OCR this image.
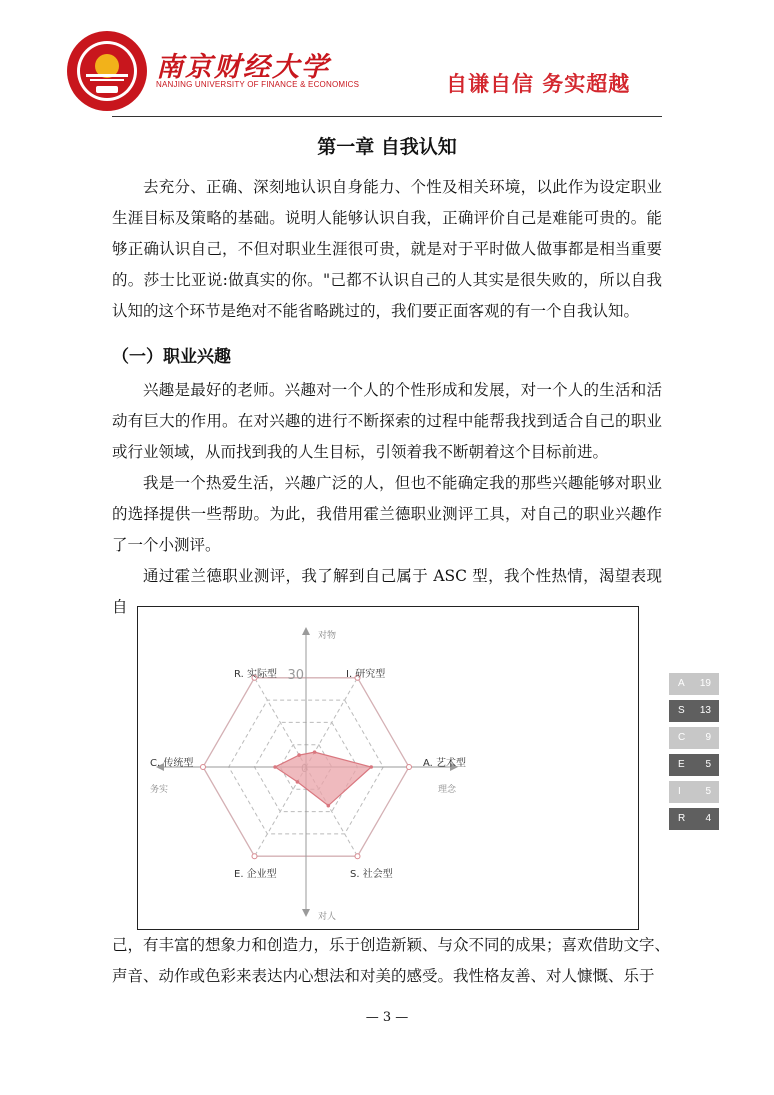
南京财经大学
NANJING UNIVERSITY OF FINANCE & ECONOMICS	自谦自信 务实超越
第一章 自我认知

去充分、正确、深刻地认识自身能力、个性及相关环境，以此作为设定职业生涯目标及策略的基础。说明人能够认识自我，正确评价自己是难能可贵的。能够正确认识自己，不但对职业生涯很可贵，就是对于平时做人做事都是相当重要的。莎士比亚说:做真实的你。"己都不认识自己的人其实是很失败的，所以自我认知的这个环节是绝对不能省略跳过的，我们要正面客观的有一个自我认知。

（一）职业兴趣

兴趣是最好的老师。兴趣对一个人的个性形成和发展，对一个人的生活和活动有巨大的作用。在对兴趣的进行不断探索的过程中能帮我找到适合自己的职业或行业领域，从而找到我的人生目标，引领着我不断朝着这个目标前进。

我是一个热爱生活，兴趣广泛的人，但也不能确定我的那些兴趣能够对职业的选择提供一些帮助。为此，我借用霍兰德职业测评工具，对自己的职业兴趣作了一个小测评。

通过霍兰德职业测评，我了解到自己属于 ASC 型，我个性热情，渴望表现自

对物
对人
务实	理念
30	I. 研究型
A. 艺术型
S. 社会型
E. 企业型
C. 传统型
R. 实际型
A 19
S 13
C 9
E 5
I 5
R 4
己，有丰富的想象力和创造力，乐于创造新颖、与众不同的成果；喜欢借助文字、
声音、动作或色彩来表达内心想法和对美的感受。我性格友善、对人慷慨、乐于
— 3 —
